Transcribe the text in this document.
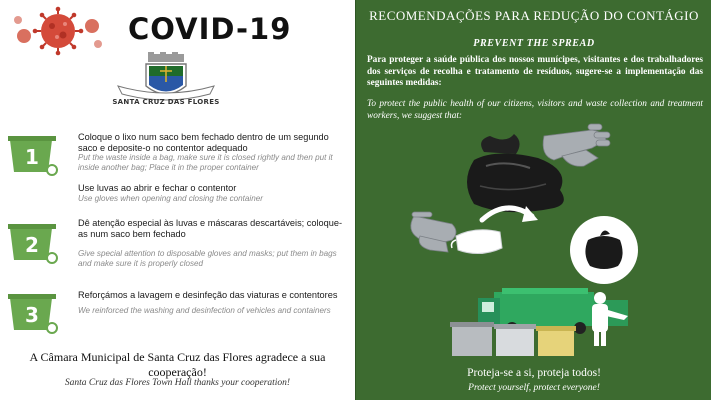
COVID-19
SANTA CRUZ DAS FLORES
1
Coloque o lixo num saco bem fechado dentro de um segundo saco e deposite-o no contentor adequado
Put the waste inside a bag, make sure it is closed rightly and then put it inside another bag; Place it in the proper container
Use luvas ao abrir e fechar o contentor
Use gloves when opening and closing the container
2
Dê atenção especial às luvas e máscaras descartáveis; coloque-as num saco bem fechado
Give special attention to disposable gloves and masks; put them in bags and make sure it is properly closed
3
Reforçámos a lavagem e desinfeção das viaturas e contentores
We reinforced the washing and desinfection of vehicles and containers
A Câmara Municipal de Santa Cruz das Flores agradece a sua cooperação!
Santa Cruz das Flores Town Hall thanks your cooperation!
RECOMENDAÇÕES PARA REDUÇÃO DO CONTÁGIO
PREVENT THE SPREAD
Para proteger a saúde pública dos nossos munícipes, visitantes e dos trabalhadores dos serviços de recolha e tratamento de resíduos, sugere-se a implementação das seguintes medidas:
To protect the public health of our citizens, visitors and waste collection and treatment workers, we suggest that:
Proteja-se a si, proteja todos!
Protect yourself, protect everyone!
